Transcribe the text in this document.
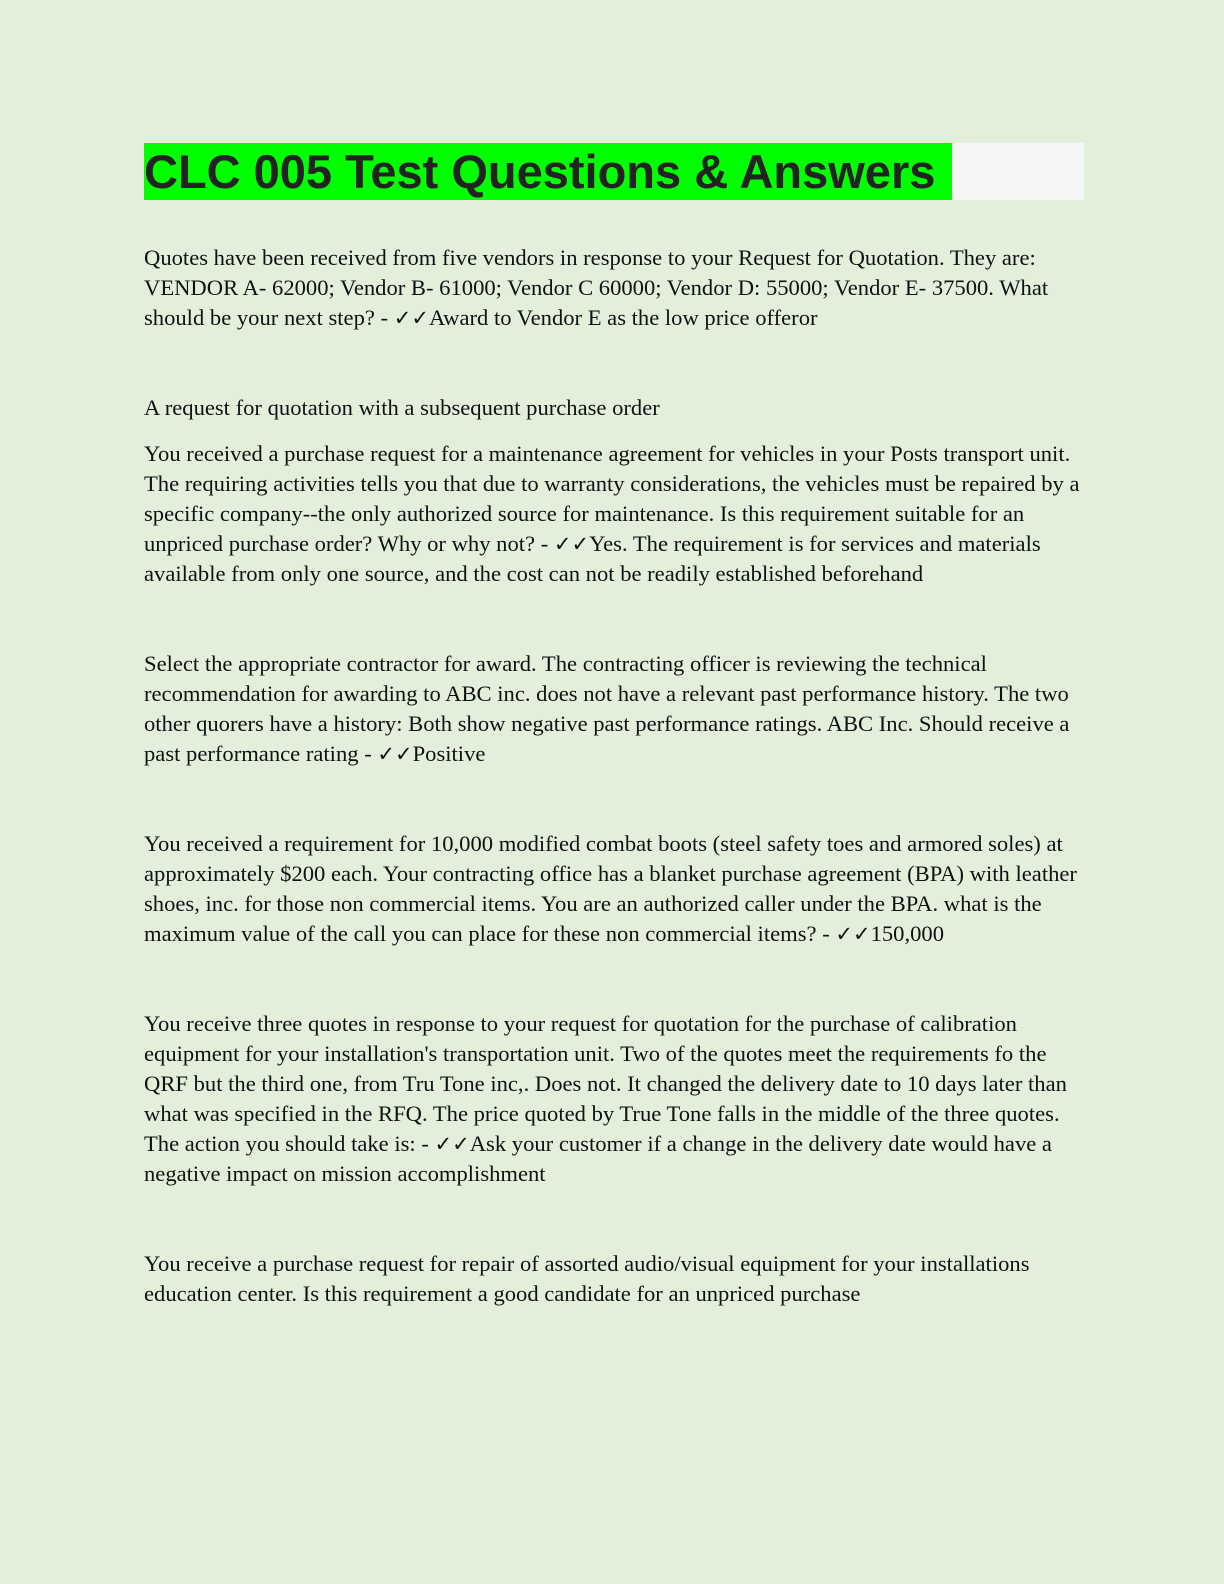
CLC 005 Test Questions & Answers

Quotes have been received from five vendors in response to your Request for Quotation. They are: VENDOR A- 62000; Vendor B- 61000; Vendor C 60000; Vendor D: 55000; Vendor E- 37500. What should be your next step? - ✓✓Award to Vendor E as the low price offeror

A request for quotation with a subsequent purchase order

You received a purchase request for a maintenance agreement for vehicles in your Posts transport unit. The requiring activities tells you that due to warranty considerations, the vehicles must be repaired by a specific company--the only authorized source for maintenance. Is this requirement suitable for an unpriced purchase order? Why or why not? - ✓✓Yes. The requirement is for services and materials available from only one source, and the cost can not be readily established beforehand

Select the appropriate contractor for award. The contracting officer is reviewing the technical recommendation for awarding to ABC inc. does not have a relevant past performance history. The two other quorers have a history: Both show negative past performance ratings. ABC Inc. Should receive a past performance rating - ✓✓Positive

You received a requirement for 10,000 modified combat boots (steel safety toes and armored soles) at approximately $200 each. Your contracting office has a blanket purchase agreement (BPA) with leather shoes, inc. for those non commercial items. You are an authorized caller under the BPA. what is the maximum value of the call you can place for these non commercial items? - ✓✓150,000

You receive three quotes in response to your request for quotation for the purchase of calibration equipment for your installation's transportation unit. Two of the quotes meet the requirements fo the QRF but the third one, from Tru Tone inc,. Does not. It changed the delivery date to 10 days later than what was specified in the RFQ. The price quoted by True Tone falls in the middle of the three quotes. The action you should take is: - ✓✓Ask your customer if a change in the delivery date would have a negative impact on mission accomplishment

You receive a purchase request for repair of assorted audio/visual equipment for your installations education center. Is this requirement a good candidate for an unpriced purchase
